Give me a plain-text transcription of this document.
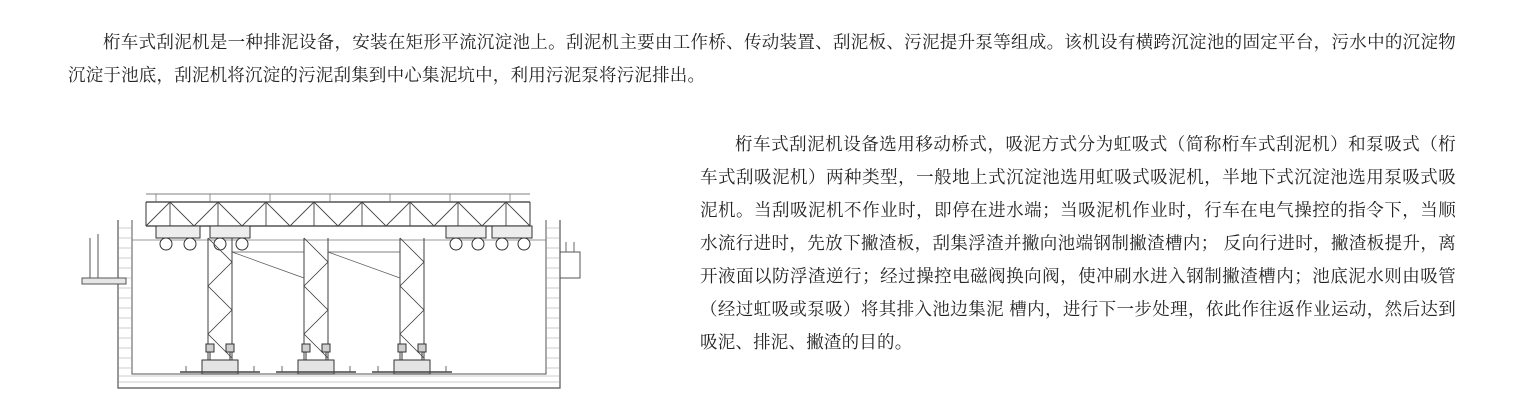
桁车式刮泥机是一种排泥设备，安装在矩形平流沉淀池上。刮泥机主要由工作桥、传动装置、刮泥板、污泥提升泵等组成。该机设有横跨沉淀池的固定平台，污水中的沉淀物沉淀于池底，刮泥机将沉淀的污泥刮集到中心集泥坑中，利用污泥泵将污泥排出。

桁车式刮泥机设备选用移动桥式，吸泥方式分为虹吸式（简称桁车式刮泥机）和泵吸式（桁车式刮吸泥机）两种类型，一般地上式沉淀池选用虹吸式吸泥机，半地下式沉淀池选用泵吸式吸泥机。当刮吸泥机不作业时，即停在进水端；当吸泥机作业时，行车在电气操控的指令下，当顺水流行进时，先放下撇渣板，刮集浮渣并撇向池端钢制撇渣槽内； 反向行进时，撇渣板提升，离开液面以防浮渣逆行；经过操控电磁阀换向阀，使冲刷水进入钢制撇渣槽内；池底泥水则由吸管（经过虹吸或泵吸）将其排入池边集泥 槽内，进行下一步处理，依此作往返作业运动，然后达到吸泥、排泥、撇渣的目的。
